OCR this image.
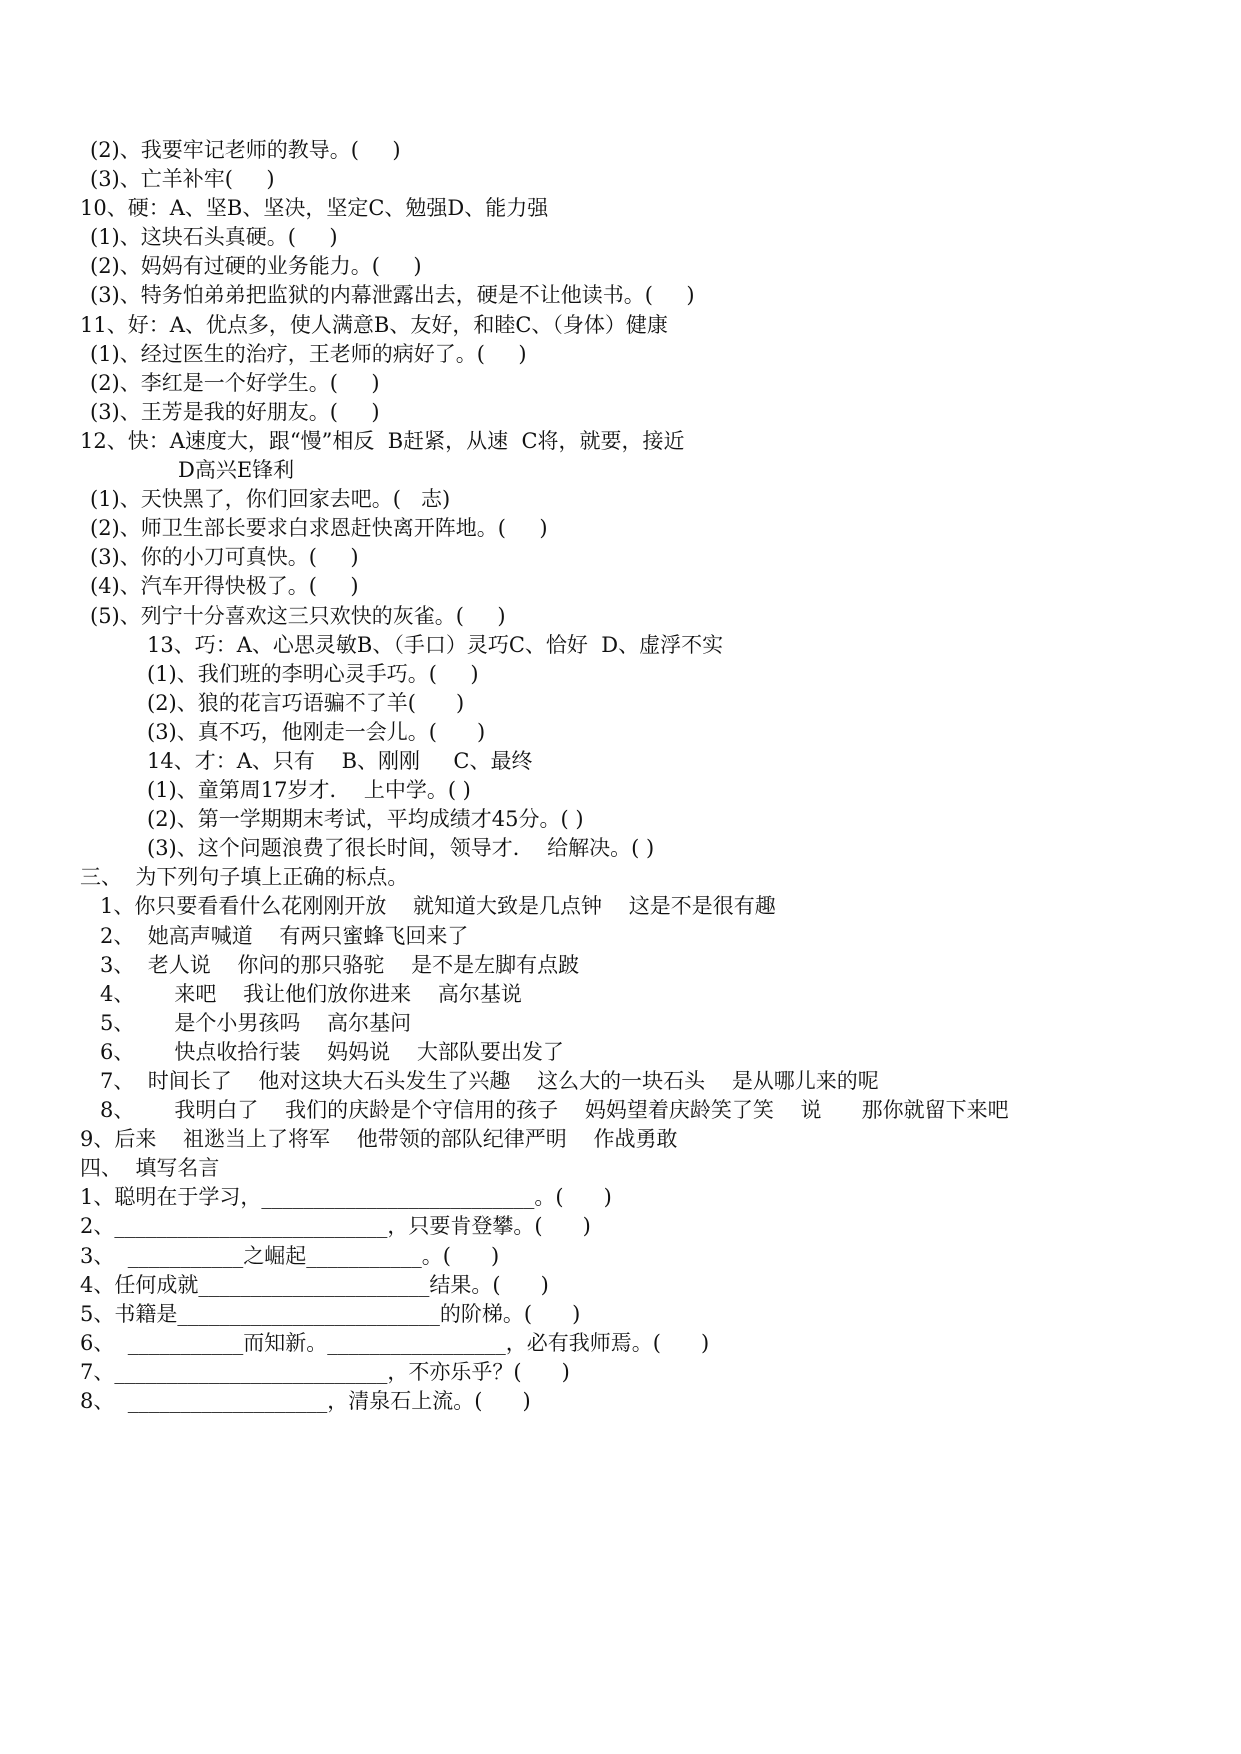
(2)、我要牢记老师的教导。(     )
(3)、亡羊补牢(     )
10、硬：A、坚B、坚决，坚定C、勉强D、能力强
(1)、这块石头真硬。(     )
(2)、妈妈有过硬的业务能力。(     )
(3)、特务怕弟弟把监狱的内幕泄露出去，硬是不让他读书。(     )
11、好：A、优点多，使人满意B、友好，和睦C、（身体）健康
(1)、经过医生的治疗，王老师的病好了。(     )
(2)、李红是一个好学生。(     )
(3)、王芳是我的好朋友。(     )
12、快：A速度大，跟“慢”相反  B赶紧，从速  C将，就要，接近
D高兴E锋利
(1)、天快黑了，你们回家去吧。(   志)
(2)、师卫生部长要求白求恩赶快离开阵地。(     )
(3)、你的小刀可真快。(     )
(4)、汽车开得快极了。(     )
(5)、列宁十分喜欢这三只欢快的灰雀。(     )
13、巧：A、心思灵敏B、（手口）灵巧C、恰好  D、虚浮不实
(1)、我们班的李明心灵手巧。(     )
(2)、狼的花言巧语骗不了羊(      )
(3)、真不巧，他刚走一会儿。(      )
14、才：A、只有    B、刚刚     C、最终
(1)、童第周17岁才．  上中学。( )
(2)、第一学期期末考试，平均成绩才45分。( )
(3)、这个问题浪费了很长时间，领导才．  给解决。( )
三、  为下列句子填上正确的标点。
1、你只要看看什么花刚刚开放    就知道大致是几点钟    这是不是很有趣
2、  她高声喊道    有两只蜜蜂飞回来了
3、  老人说    你问的那只骆驼    是不是左脚有点跛
4、      来吧    我让他们放你进来    高尔基说
5、      是个小男孩吗    高尔基问
6、      快点收拾行装    妈妈说    大部队要出发了
7、  时间长了    他对这块大石头发生了兴趣    这么大的一块石头    是从哪儿来的呢
8、      我明白了    我们的庆龄是个守信用的孩子    妈妈望着庆龄笑了笑    说      那你就留下来吧
9、后来    祖逖当上了将军    他带领的部队纪律严明    作战勇敢
四、  填写名言
1、聪明在于学习，__________________________。(      )
2、__________________________，只要肯登攀。(      )
3、  ___________之崛起___________。(      )
4、任何成就______________________结果。(      )
5、书籍是_________________________的阶梯。(      )
6、  ___________而知新。_________________，必有我师焉。(      )
7、__________________________，不亦乐乎？(      )
8、  ___________________，清泉石上流。(      )
